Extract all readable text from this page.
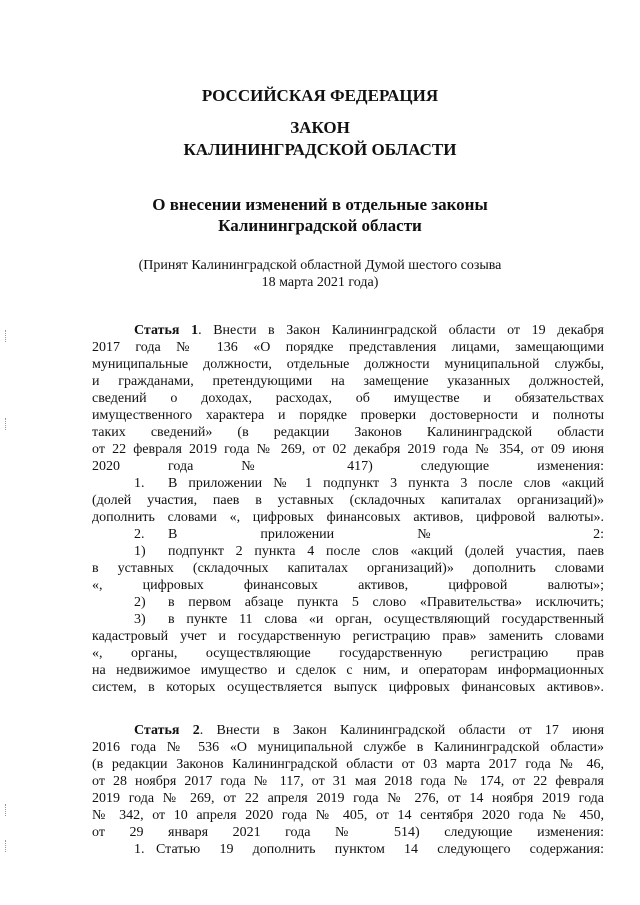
РОССИЙСКАЯ ФЕДЕРАЦИЯ
ЗАКОН
КАЛИНИНГРАДСКОЙ ОБЛАСТИ
О внесении изменений в отдельные законы
Калининградской области
(Принят Калининградской областной Думой шестого созыва
18 марта 2021 года)
Статья 1. Внести в Закон Калининградской области от 19 декабря
2017 года № 136 «О порядке представления лицами, замещающими
муниципальные должности, отдельные должности муниципальной службы,
и гражданами, претендующими на замещение указанных должностей,
сведений о доходах, расходах, об имуществе и обязательствах
имущественного характера и порядке проверки достоверности и полноты
таких сведений» (в редакции Законов Калининградской области
от 22 февраля 2019 года № 269, от 02 декабря 2019 года № 354, от 09 июня
2020 года № 417) следующие изменения:
1. В приложении № 1 подпункт 3 пункта 3 после слов «акций
(долей участия, паев в уставных (складочных капиталах организаций)»
дополнить словами «, цифровых финансовых активов, цифровой валюты».
2. В приложении № 2:
1) подпункт 2 пункта 4 после слов «акций (долей участия, паев
в уставных (складочных капиталах организаций)» дополнить словами
«, цифровых финансовых активов, цифровой валюты»;
2) в первом абзаце пункта 5 слово «Правительства» исключить;
3) в пункте 11 слова «и орган, осуществляющий государственный
кадастровый учет и государственную регистрацию прав» заменить словами
«, органы, осуществляющие государственную регистрацию прав
на недвижимое имущество и сделок с ним, и операторам информационных
систем, в которых осуществляется выпуск цифровых финансовых активов».
Статья 2. Внести в Закон Калининградской области от 17 июня
2016 года № 536 «О муниципальной службе в Калининградской области»
(в редакции Законов Калининградской области от 03 марта 2017 года № 46,
от 28 ноября 2017 года № 117, от 31 мая 2018 года № 174, от 22 февраля
2019 года № 269, от 22 апреля 2019 года № 276, от 14 ноября 2019 года
№ 342, от 10 апреля 2020 года № 405, от 14 сентября 2020 года № 450,
от 29 января 2021 года № 514) следующие изменения:
1. Статью 19 дополнить пунктом 14 следующего содержания:
